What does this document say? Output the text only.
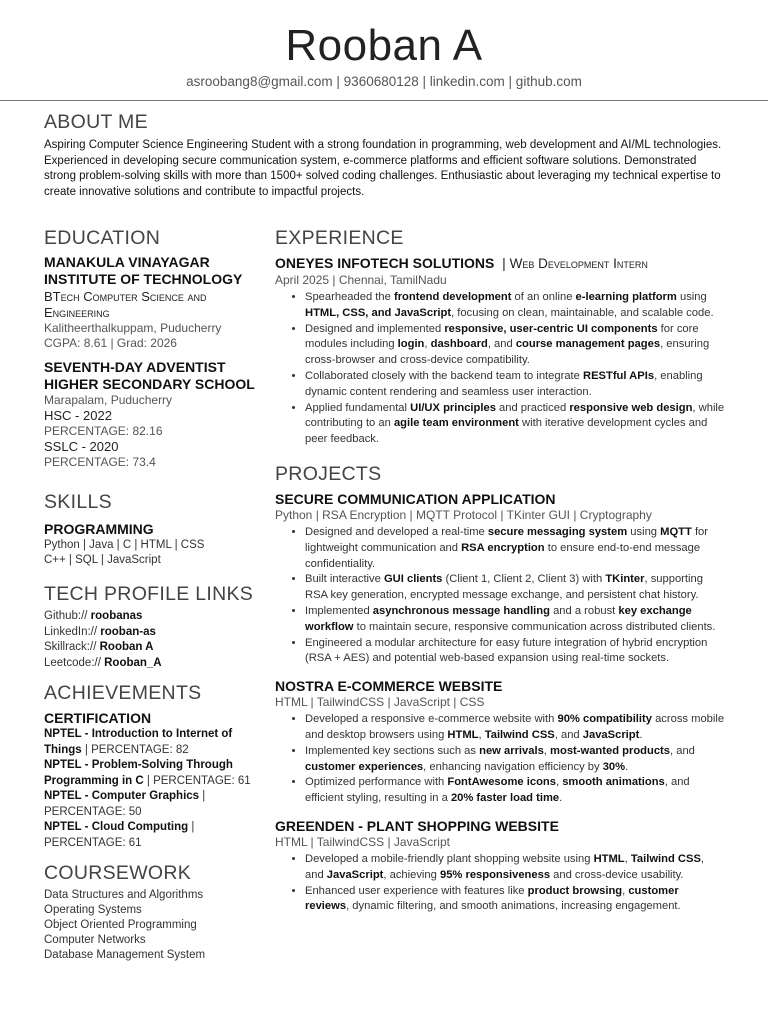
Rooban A
asroobang8@gmail.com | 9360680128 | linkedin.com | github.com
ABOUT ME
Aspiring Computer Science Engineering Student with a strong foundation in programming, web development and AI/ML technologies. Experienced in developing secure communication system, e-commerce platforms and efficient software solutions. Demonstrated strong problem-solving skills with more than 1500+ solved coding challenges. Enthusiastic about leveraging my technical expertise to create innovative solutions and contribute to impactful projects.
EDUCATION
MANAKULA VINAYAGAR INSTITUTE OF TECHNOLOGY
BTech Computer Science and Engineering
Kalitheerthalkuppam, Puducherry
CGPA: 8.61 | Grad: 2026
SEVENTH-DAY ADVENTIST HIGHER SECONDARY SCHOOL
Marapalam, Puducherry
HSC - 2022
PERCENTAGE: 82.16
SSLC - 2020
PERCENTAGE: 73.4
SKILLS
PROGRAMMING
Python | Java | C | HTML | CSS
C++ | SQL | JavaScript
TECH PROFILE LINKS
Github:// roobanas
LinkedIn:// rooban-as
Skillrack:// Rooban A
Leetcode:// Rooban_A
ACHIEVEMENTS
CERTIFICATION
NPTEL - Introduction to Internet of Things | PERCENTAGE: 82
NPTEL - Problem-Solving Through Programming in C | PERCENTAGE: 61
NPTEL - Computer Graphics | PERCENTAGE: 50
NPTEL - Cloud Computing | PERCENTAGE: 61
COURSEWORK
Data Structures and Algorithms
Operating Systems
Object Oriented Programming
Computer Networks
Database Management System
EXPERIENCE
ONEYES INFOTECH SOLUTIONS | Web Development Intern
April 2025 | Chennai, TamilNadu
• Spearheaded the frontend development of an online e-learning platform using HTML, CSS, and JavaScript, focusing on clean, maintainable, and scalable code.
• Designed and implemented responsive, user-centric UI components for core modules including login, dashboard, and course management pages, ensuring cross-browser and cross-device compatibility.
• Collaborated closely with the backend team to integrate RESTful APIs, enabling dynamic content rendering and seamless user interaction.
• Applied fundamental UI/UX principles and practiced responsive web design, while contributing to an agile team environment with iterative development cycles and peer feedback.
PROJECTS
SECURE COMMUNICATION APPLICATION
Python | RSA Encryption | MQTT Protocol | TKinter GUI | Cryptography
• Designed and developed a real-time secure messaging system using MQTT for lightweight communication and RSA encryption to ensure end-to-end message confidentiality.
• Built interactive GUI clients (Client 1, Client 2, Client 3) with TKinter, supporting RSA key generation, encrypted message exchange, and persistent chat history.
• Implemented asynchronous message handling and a robust key exchange workflow to maintain secure, responsive communication across distributed clients.
• Engineered a modular architecture for easy future integration of hybrid encryption (RSA + AES) and potential web-based expansion using real-time sockets.
NOSTRA E-COMMERCE WEBSITE
HTML | TailwindCSS | JavaScript | CSS
• Developed a responsive e-commerce website with 90% compatibility across mobile and desktop browsers using HTML, Tailwind CSS, and JavaScript.
• Implemented key sections such as new arrivals, most-wanted products, and customer experiences, enhancing navigation efficiency by 30%.
• Optimized performance with FontAwesome icons, smooth animations, and efficient styling, resulting in a 20% faster load time.
GREENDEN - PLANT SHOPPING WEBSITE
HTML | TailwindCSS | JavaScript
• Developed a mobile-friendly plant shopping website using HTML, Tailwind CSS, and JavaScript, achieving 95% responsiveness and cross-device usability.
• Enhanced user experience with features like product browsing, customer reviews, dynamic filtering, and smooth animations, increasing engagement.
